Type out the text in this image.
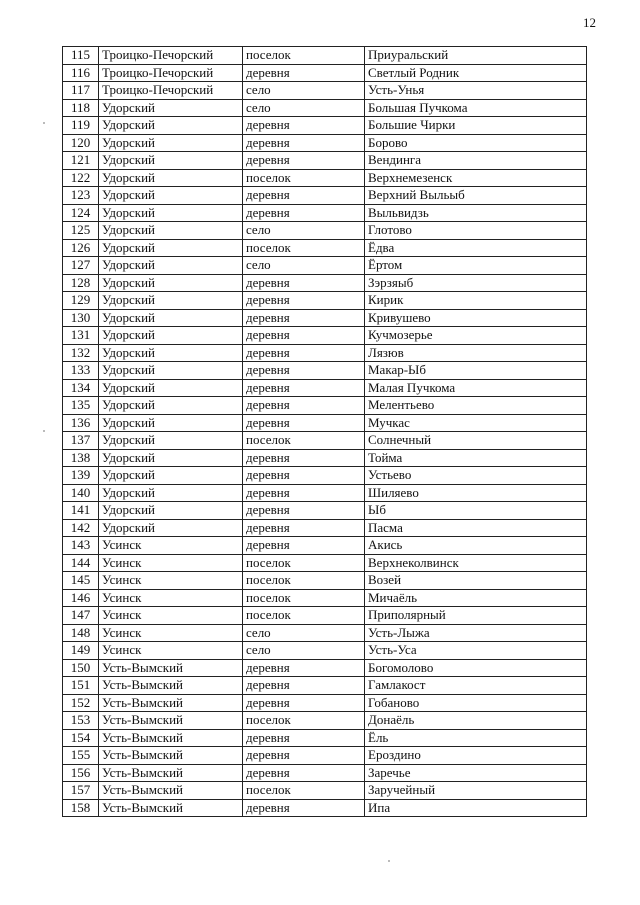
12
115	Троицко-Печорский	поселок	Приуральский
116	Троицко-Печорский	деревня	Светлый Родник
117	Троицко-Печорский	село	Усть-Унья
118	Удорский	село	Большая Пучкома
119	Удорский	деревня	Большие Чирки
120	Удорский	деревня	Борово
121	Удорский	деревня	Вендинга
122	Удорский	поселок	Верхнемезенск
123	Удорский	деревня	Верхний Выльыб
124	Удорский	деревня	Выльвидзь
125	Удорский	село	Глотово
126	Удорский	поселок	Ёдва
127	Удорский	село	Ёртом
128	Удорский	деревня	Зэрзяыб
129	Удорский	деревня	Кирик
130	Удорский	деревня	Кривушево
131	Удорский	деревня	Кучмозерье
132	Удорский	деревня	Лязюв
133	Удорский	деревня	Макар-Ыб
134	Удорский	деревня	Малая Пучкома
135	Удорский	деревня	Мелентьево
136	Удорский	деревня	Мучкас
137	Удорский	поселок	Солнечный
138	Удорский	деревня	Тойма
139	Удорский	деревня	Устьево
140	Удорский	деревня	Шиляево
141	Удорский	деревня	Ыб
142	Удорский	деревня	Пасма
143	Усинск	деревня	Акись
144	Усинск	поселок	Верхнеколвинск
145	Усинск	поселок	Возей
146	Усинск	поселок	Мичаёль
147	Усинск	поселок	Приполярный
148	Усинск	село	Усть-Лыжа
149	Усинск	село	Усть-Уса
150	Усть-Вымский	деревня	Богомолово
151	Усть-Вымский	деревня	Гамлакост
152	Усть-Вымский	деревня	Гобаново
153	Усть-Вымский	поселок	Донаёль
154	Усть-Вымский	деревня	Ёль
155	Усть-Вымский	деревня	Ероздино
156	Усть-Вымский	деревня	Заречье
157	Усть-Вымский	поселок	Заручейный
158	Усть-Вымский	деревня	Ипа
